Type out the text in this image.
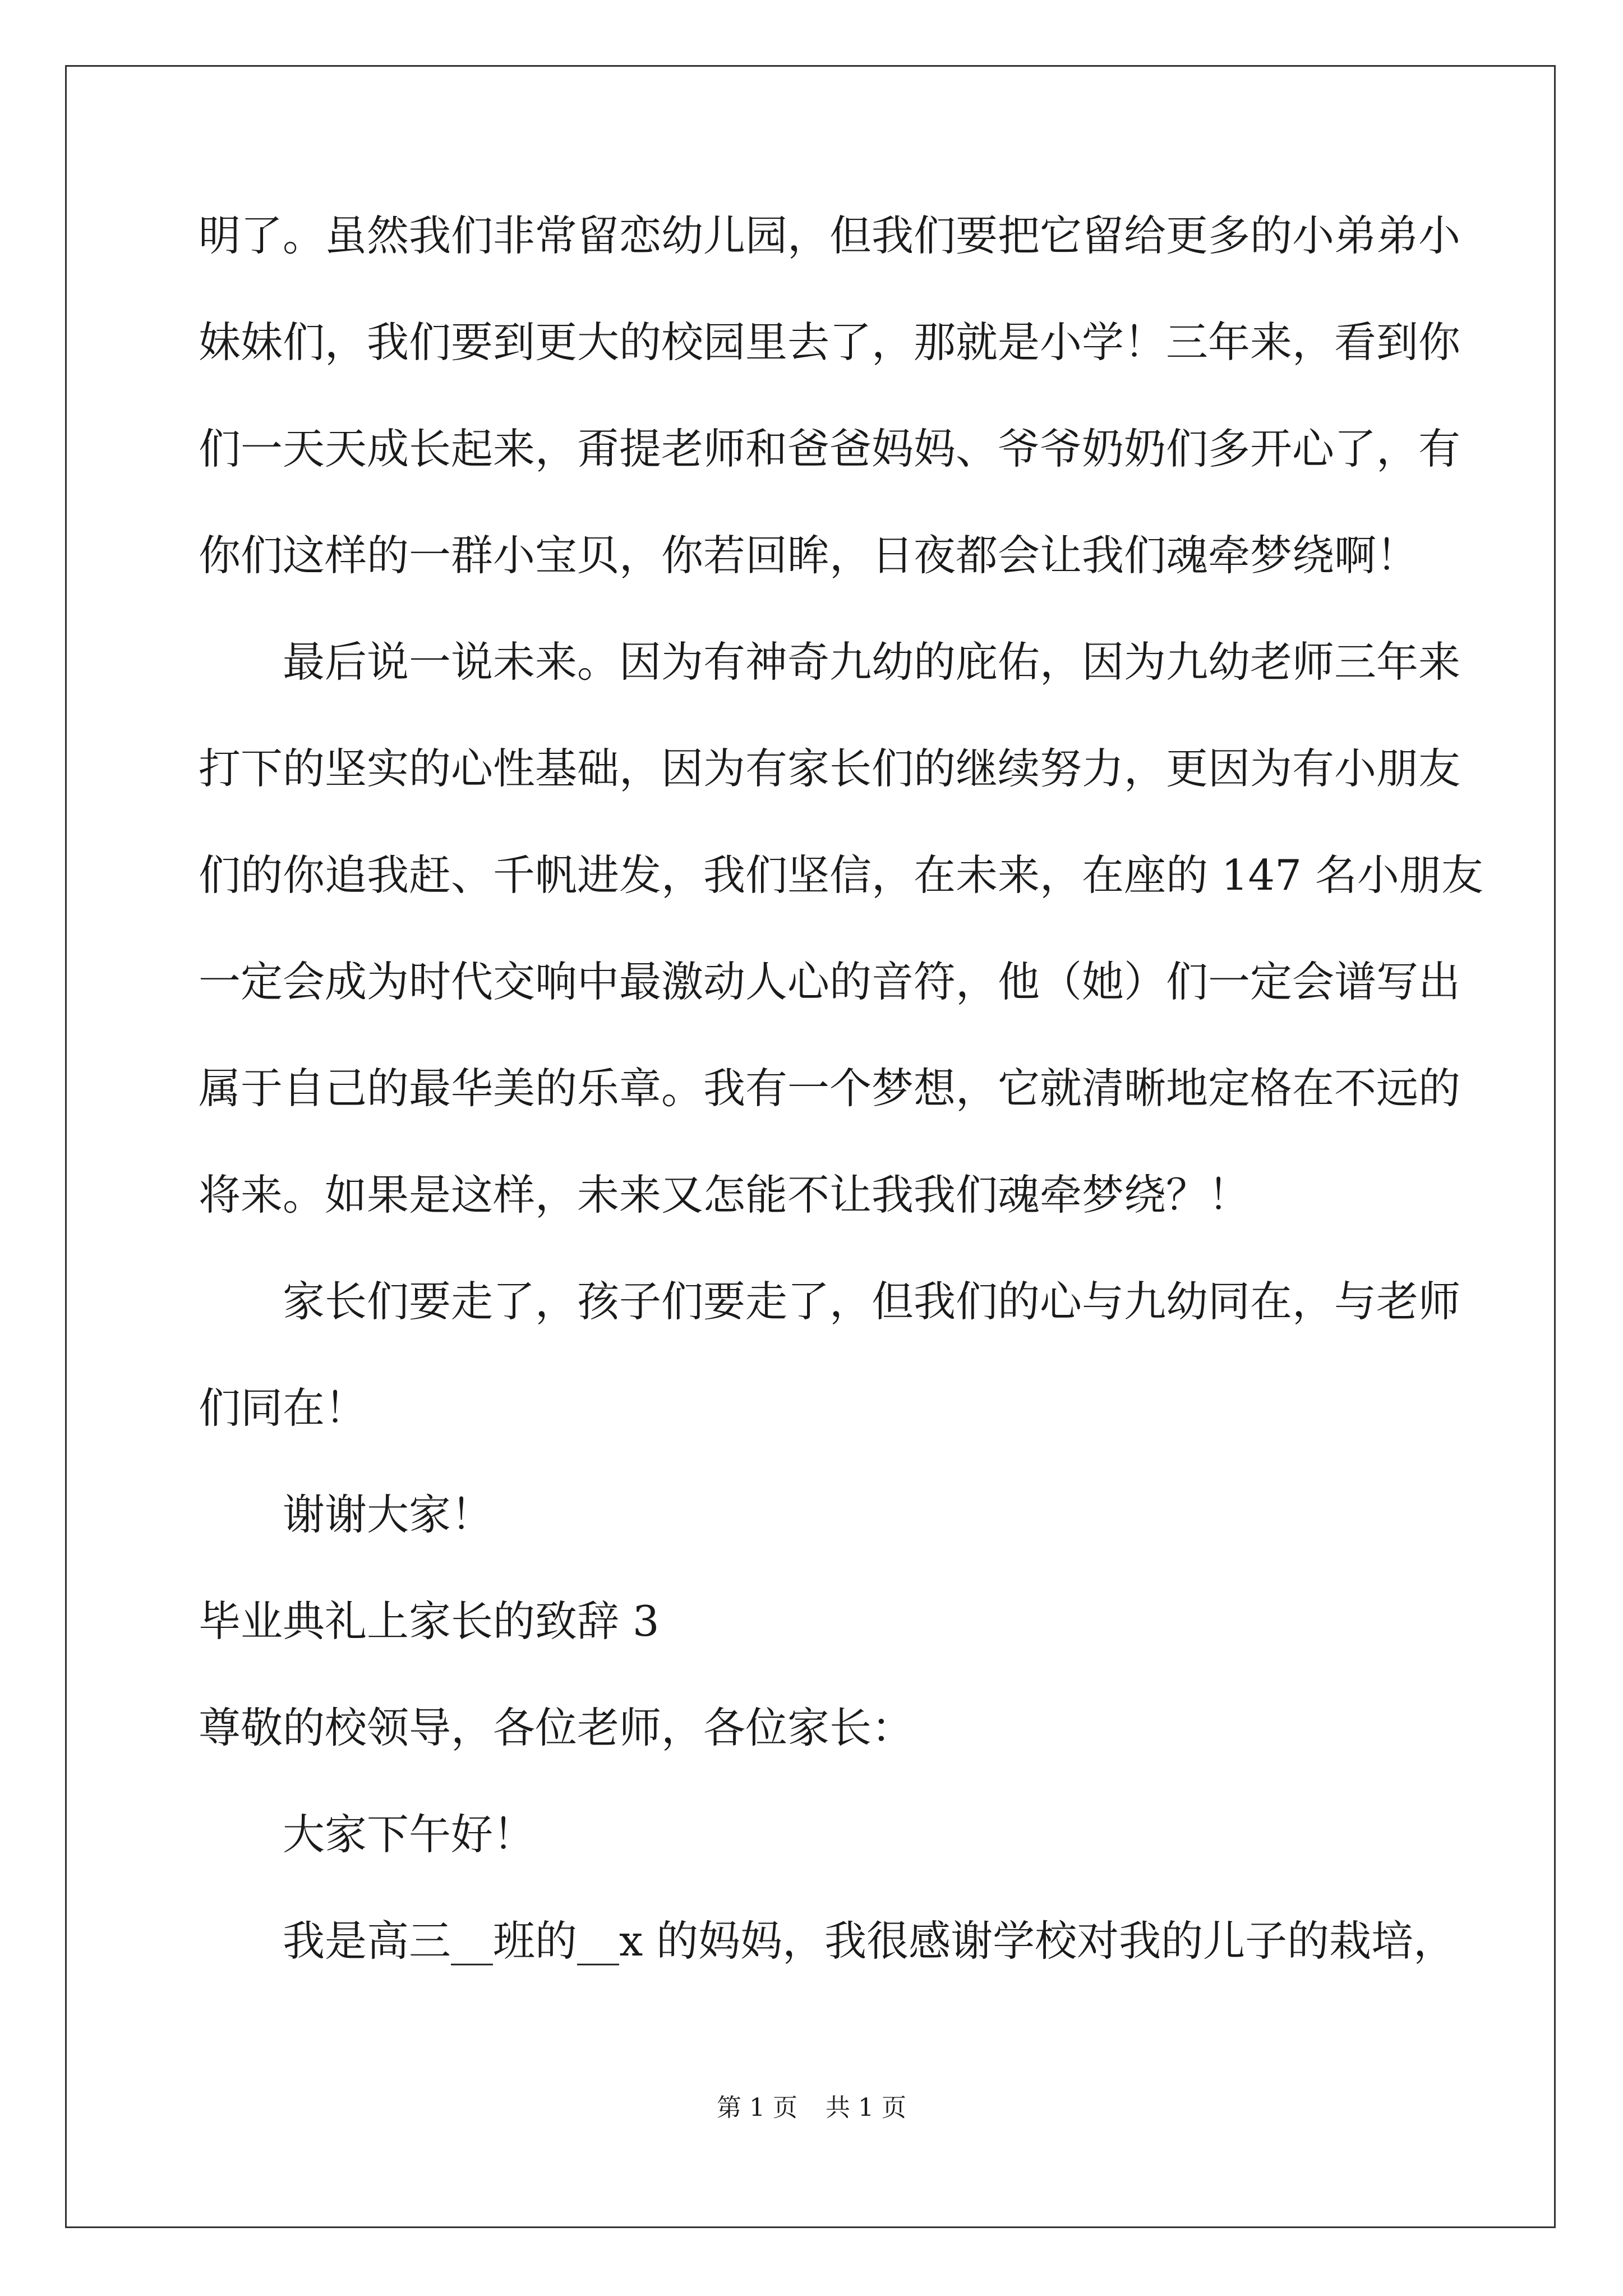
明了。虽然我们非常留恋幼儿园，但我们要把它留给更多的小弟弟小

妹妹们，我们要到更大的校园里去了，那就是小学！三年来，看到你

们一天天成长起来，甭提老师和爸爸妈妈、爷爷奶奶们多开心了，有

你们这样的一群小宝贝，你若回眸，日夜都会让我们魂牵梦绕啊！

最后说一说未来。因为有神奇九幼的庇佑，因为九幼老师三年来

打下的坚实的心性基础，因为有家长们的继续努力，更因为有小朋友

们的你追我赶、千帆进发，我们坚信，在未来，在座的 147 名小朋友

一定会成为时代交响中最激动人心的音符，他（她）们一定会谱写出

属于自己的最华美的乐章。我有一个梦想，它就清晰地定格在不远的

将来。如果是这样，未来又怎能不让我我们魂牵梦绕？！

家长们要走了，孩子们要走了，但我们的心与九幼同在，与老师

们同在！

谢谢大家！

毕业典礼上家长的致辞 3

尊敬的校领导，各位老师，各位家长：

大家下午好！

我是高三__班的__x 的妈妈，我很感谢学校对我的儿子的栽培，

第 1 页 共 1 页
